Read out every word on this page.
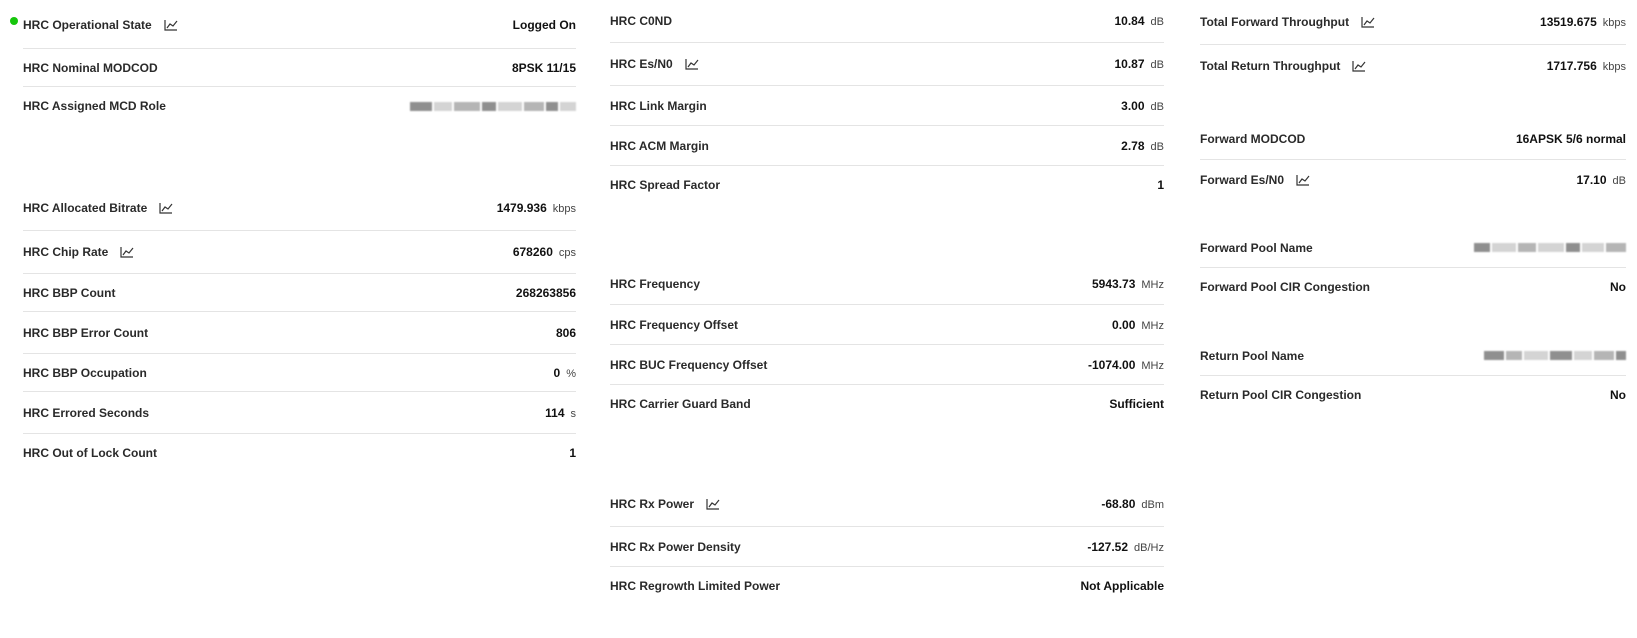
HRC Operational State	Logged On
HRC Nominal MODCOD	8PSK 11/15
HRC Assigned MCD Role
HRC Allocated Bitrate	1479.936 kbps
HRC Chip Rate	678260 cps
HRC BBP Count	268263856
HRC BBP Error Count	806
HRC BBP Occupation	0 %
HRC Errored Seconds	114 s
HRC Out of Lock Count	1
HRC C0ND	10.84 dB
HRC Es/N0	10.87 dB
HRC Link Margin	3.00 dB
HRC ACM Margin	2.78 dB
HRC Spread Factor	1
HRC Frequency	5943.73 MHz
HRC Frequency Offset	0.00 MHz
HRC BUC Frequency Offset	-1074.00 MHz
HRC Carrier Guard Band	Sufficient
HRC Rx Power	-68.80 dBm
HRC Rx Power Density	-127.52 dB/Hz
HRC Regrowth Limited Power	Not Applicable
Total Forward Throughput	13519.675 kbps
Total Return Throughput	1717.756 kbps
Forward MODCOD	16APSK 5/6 normal
Forward Es/N0	17.10 dB
Forward Pool Name
Forward Pool CIR Congestion	No
Return Pool Name
Return Pool CIR Congestion	No
